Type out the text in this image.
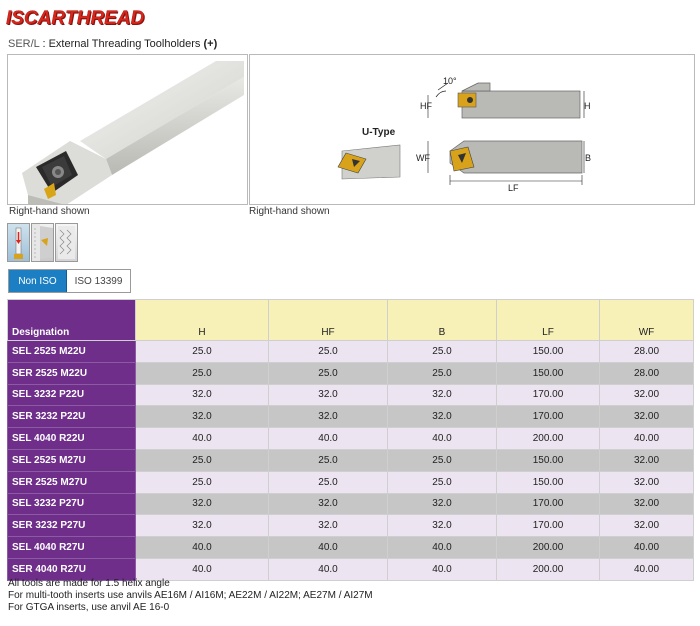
ISCAR THREAD
SER/L : External Threading Toolholders (+)
10°
HF	H
U-Type
WF	B
LF
Right-hand shown	Right-hand shown
Non ISO	ISO 13399
Designation	H	HF	B	LF	WF
SEL 2525 M22U	25.0	25.0	25.0	150.00	28.00
SER 2525 M22U	25.0	25.0	25.0	150.00	28.00
SEL 3232 P22U	32.0	32.0	32.0	170.00	32.00
SER 3232 P22U	32.0	32.0	32.0	170.00	32.00
SEL 4040 R22U	40.0	40.0	40.0	200.00	40.00
SEL 2525 M27U	25.0	25.0	25.0	150.00	32.00
SER 2525 M27U	25.0	25.0	25.0	150.00	32.00
SEL 3232 P27U	32.0	32.0	32.0	170.00	32.00
SER 3232 P27U	32.0	32.0	32.0	170.00	32.00
SEL 4040 R27U	40.0	40.0	40.0	200.00	40.00
SER 4040 R27U	40.0	40.0	40.0	200.00	40.00
All tools are made for 1.5 helix angle
For multi-tooth inserts use anvils AE16M / AI16M; AE22M / AI22M; AE27M / AI27M
For GTGA inserts, use anvil AE 16-0
